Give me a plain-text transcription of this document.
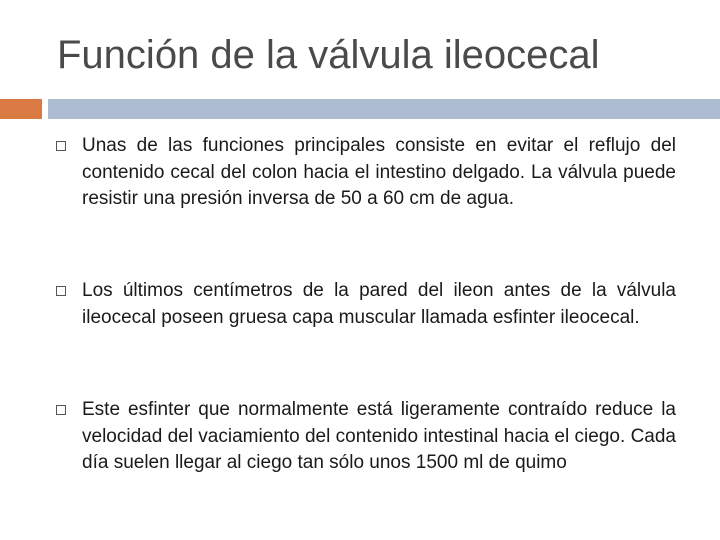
Función de la válvula ileocecal

Unas de las funciones principales consiste en evitar el reflujo del contenido cecal del colon hacia el intestino delgado. La válvula puede resistir una presión inversa de 50 a 60 cm de agua.

Los últimos centímetros de la pared del ileon antes de la válvula ileocecal poseen gruesa capa muscular llamada esfinter ileocecal.

Este esfinter que normalmente está ligeramente contraído reduce la velocidad del vaciamiento del contenido intestinal hacia el ciego. Cada día suelen llegar al ciego tan sólo unos 1500 ml de quimo
